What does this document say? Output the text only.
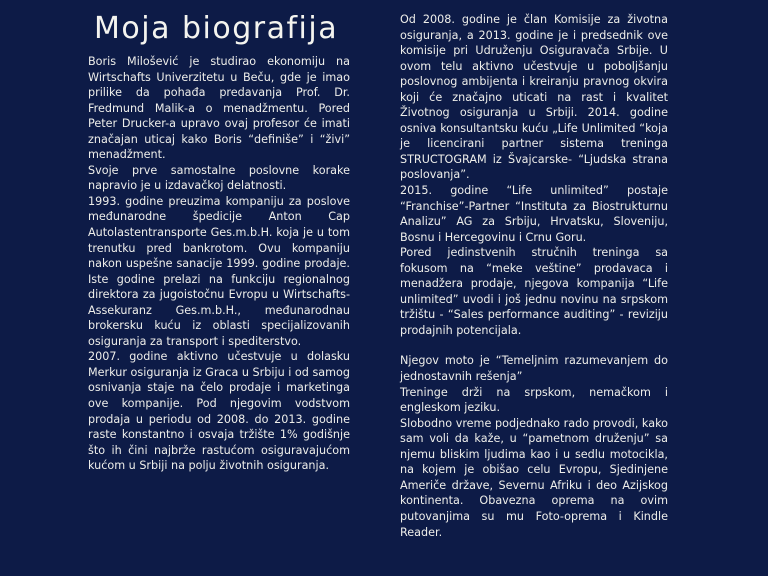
Moja biografija

Boris Milošević je studirao ekonomiju na Wirtschafts Univerzitetu u Beču, gde je imao prilike da pohađa predavanja Prof. Dr. Fredmund Malik-a o menadžmentu. Pored Peter Drucker-a upravo ovaj profesor će imati značajan uticaj kako Boris “definiše” i “živi” menadžment.

Svoje prve samostalne poslovne korake napravio je u izdavačkoj delatnosti.

1993. godine preuzima kompaniju za poslove međunarodne špedicije Anton Cap Autolastentransporte Ges.m.b.H. koja je u tom trenutku pred bankrotom. Ovu kompaniju nakon uspešne sanacije 1999. godine prodaje. Iste godine prelazi na funkciju regionalnog direktora za jugoistočnu Evropu u Wirtschafts-Assekuranz Ges.m.b.H., međunarodnau brokersku kuću iz oblasti specijalizovanih osiguranja za transport i spediterstvo.

2007. godine aktivno učestvuje u dolasku Merkur osiguranja iz Graca u Srbiju i od samog osnivanja staje na čelo prodaje i marketinga ove kompanije. Pod njegovim vodstvom prodaja u periodu od 2008. do 2013. godine raste konstantno i osvaja tržište 1% godišnje što ih čini najbrže rastućom osiguravajućom kućom u Srbiji na polju životnih osiguranja.

Od 2008. godine je član Komisije za životna osiguranja, a 2013. godine je i predsednik ove komisije pri Udruženju Osiguravača Srbije. U ovom telu aktivno učestvuje u poboljšanju poslovnog ambijenta i kreiranju pravnog okvira koji će značajno uticati na rast i kvalitet Životnog osiguranja u Srbiji. 2014. godine osniva konsultantsku kuću „Life Unlimited “koja je licencirani partner sistema treninga STRUCTOGRAM iz Švajcarske- “Ljudska strana poslovanja”.

2015. godine “Life unlimited” postaje “Franchise”-Partner “Instituta za Biostrukturnu Analizu” AG za Srbiju, Hrvatsku, Sloveniju, Bosnu i Hercegovinu i Crnu Goru.

Pored jedinstvenih stručnih treninga sa fokusom na “meke veštine” prodavaca i menadžera prodaje, njegova kompanija “Life unlimited” uvodi i još jednu novinu na srpskom tržištu - “Sales performance auditing” - reviziju prodajnih potencijala.

Njegov moto je “Temeljnim razumevanjem do jednostavnih rešenja”

Treninge drži na srpskom, nemačkom i engleskom jeziku.

Slobodno vreme podjednako rado provodi, kako sam voli da kaže, u “pametnom druženju” sa njemu bliskim ljudima kao i u sedlu motocikla, na kojem je obišao celu Evropu, Sjedinjene Američe države, Severnu Afriku i deo Azijskog kontinenta. Obavezna oprema na ovim putovanjima su mu Foto-oprema i Kindle Reader.
